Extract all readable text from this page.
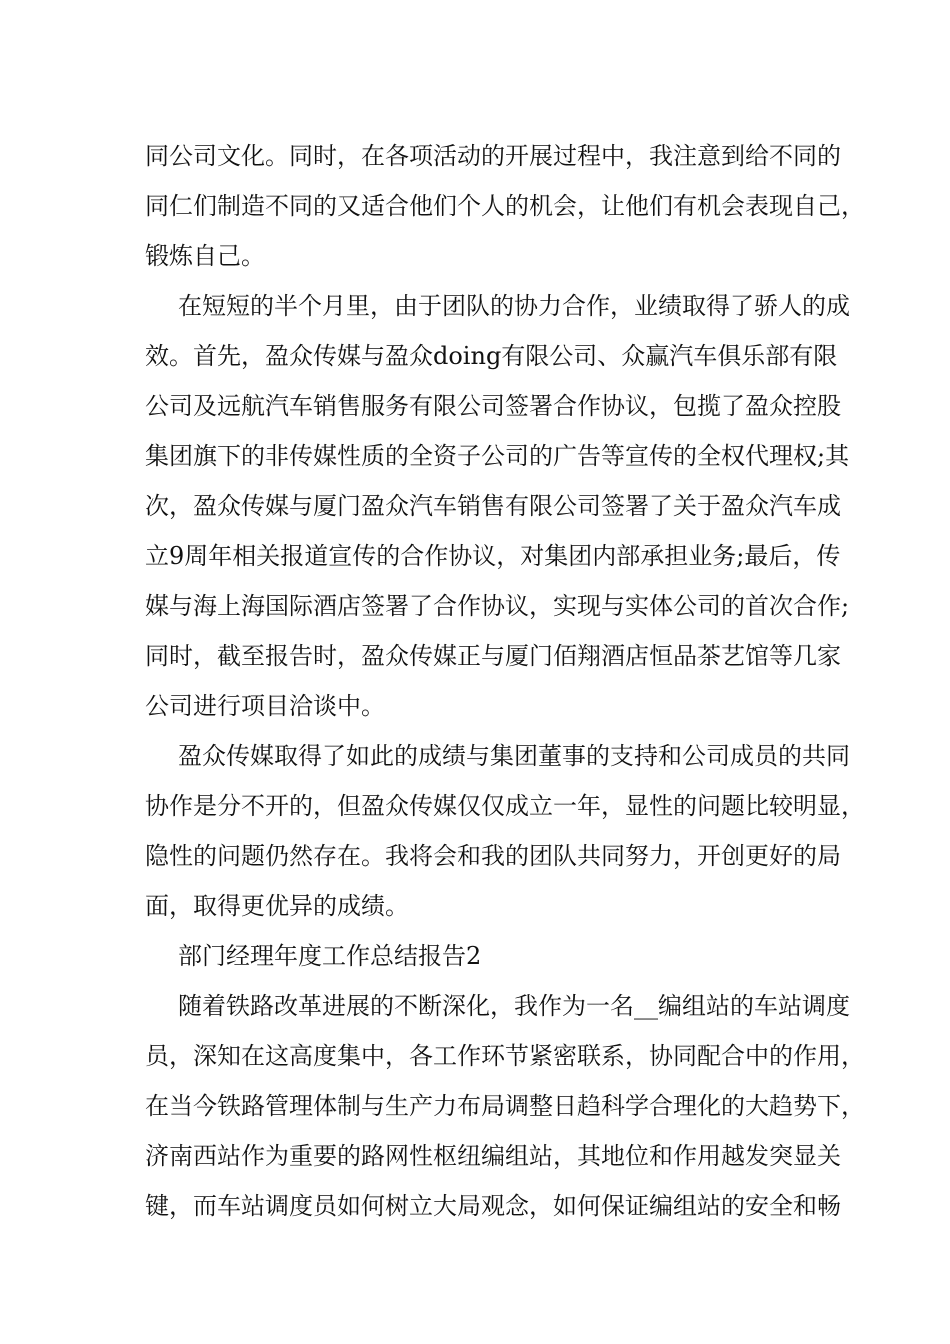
同公司文化。同时，在各项活动的开展过程中，我注意到给不同的
同仁们制造不同的又适合他们个人的机会，让他们有机会表现自己，
锻炼自己。
在短短的半个月里，由于团队的协力合作，业绩取得了骄人的成
效。首先，盈众传媒与盈众doing有限公司、众赢汽车俱乐部有限
公司及远航汽车销售服务有限公司签署合作协议，包揽了盈众控股
集团旗下的非传媒性质的全资子公司的广告等宣传的全权代理权;其
次，盈众传媒与厦门盈众汽车销售有限公司签署了关于盈众汽车成
立9周年相关报道宣传的合作协议，对集团内部承担业务;最后，传
媒与海上海国际酒店签署了合作协议，实现与实体公司的首次合作;
同时，截至报告时，盈众传媒正与厦门佰翔酒店恒品茶艺馆等几家
公司进行项目洽谈中。
盈众传媒取得了如此的成绩与集团董事的支持和公司成员的共同
协作是分不开的，但盈众传媒仅仅成立一年，显性的问题比较明显，
隐性的问题仍然存在。我将会和我的团队共同努力，开创更好的局
面，取得更优异的成绩。
部门经理年度工作总结报告2
随着铁路改革进展的不断深化，我作为一名__编组站的车站调度
员，深知在这高度集中，各工作环节紧密联系，协同配合中的作用，
在当今铁路管理体制与生产力布局调整日趋科学合理化的大趋势下，
济南西站作为重要的路网性枢纽编组站，其地位和作用越发突显关
键，而车站调度员如何树立大局观念，如何保证编组站的安全和畅
